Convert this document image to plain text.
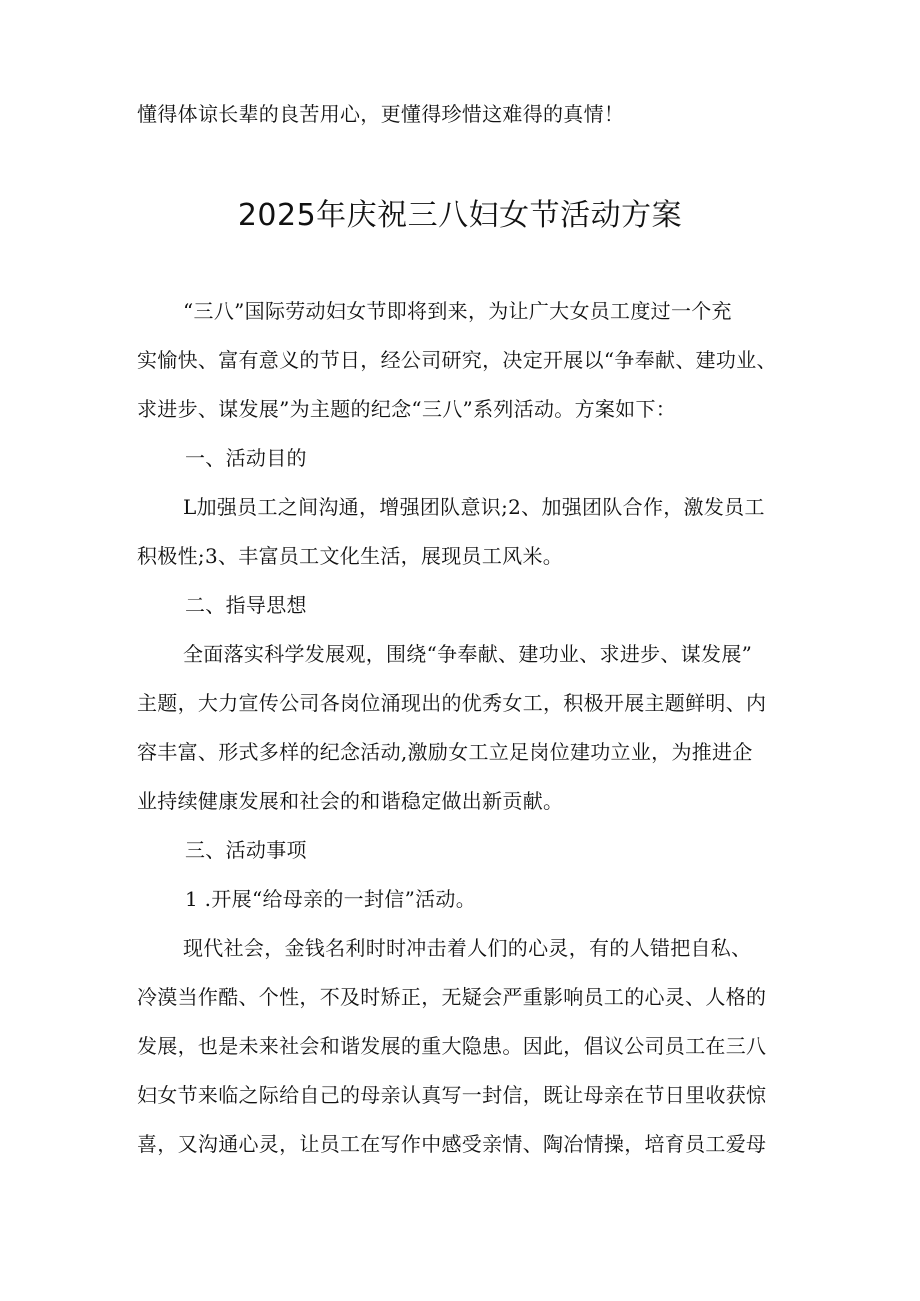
懂得体谅长辈的良苦用心，更懂得珍惜这难得的真情！
2025年庆祝三八妇女节活动方案
“三八”国际劳动妇女节即将到来，为让广大女员工度过一个充
实愉快、富有意义的节日，经公司研究，决定开展以“争奉献、建功业、
求进步、谋发展”为主题的纪念“三八”系列活动。方案如下：
一、活动目的
L加强员工之间沟通，增强团队意识;2、加强团队合作，激发员工
积极性;3、丰富员工文化生活，展现员工风米。
二、指导思想
全面落实科学发展观，围绕“争奉献、建功业、求进步、谋发展”
主题，大力宣传公司各岗位涌现出的优秀女工，积极开展主题鲜明、内
容丰富、形式多样的纪念活动,激励女工立足岗位建功立业，为推进企
业持续健康发展和社会的和谐稳定做出新贡献。
三、活动事项
1 .开展“给母亲的一封信”活动。
现代社会，金钱名利时时冲击着人们的心灵，有的人错把自私、
冷漠当作酷、个性，不及时矫正，无疑会严重影响员工的心灵、人格的
发展，也是未来社会和谐发展的重大隐患。因此，倡议公司员工在三八
妇女节来临之际给自己的母亲认真写一封信，既让母亲在节日里收获惊
喜，又沟通心灵，让员工在写作中感受亲情、陶冶情操，培育员工爱母
